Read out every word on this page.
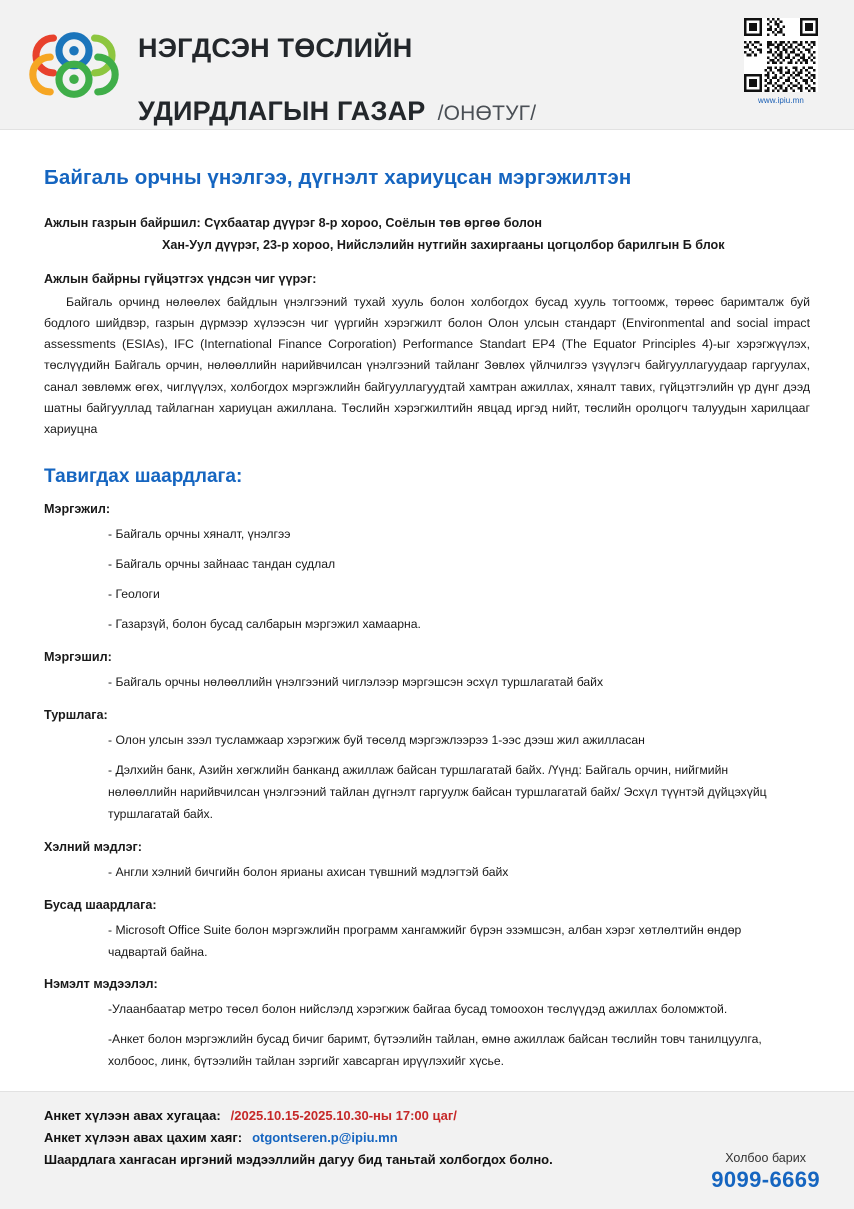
НЭГДСЭН ТӨСЛИЙН

УДИРДЛАГЫН ГАЗАР /ОНӨТУГ/

www.ipiu.mn
Байгаль орчны үнэлгээ, дүгнэлт хариуцсан мэргэжилтэн
Ажлын газрын байршил: Сүхбаатар дүүрэг 8-р хороо, Соёлын төв өргөө болон
Хан-Уул дүүрэг, 23-р хороо, Нийслэлийн нутгийн захиргааны цогцолбор барилгын Б блок
Ажлын байрны гүйцэтгэх үндсэн чиг үүрэг:

Байгаль орчинд нөлөөлөх байдлын үнэлгээний тухай хууль болон холбогдох бусад хууль тогтоомж, төрөөс баримталж буй бодлого шийдвэр, газрын дүрмээр хүлээсэн чиг үүргийн хэрэгжилт болон Олон улсын стандарт (Environmental and social impact assessments (ESIAs), IFC (International Finance Corporation) Performance Standart EP4 (The Equator Principles 4)-ыг хэрэгжүүлэх, төслүүдийн Байгаль орчин, нөлөөллийн нарийвчилсан үнэлгээний тайланг Зөвлөх үйлчилгээ үзүүлэгч байгууллагуудаар гаргуулах, санал зөвлөмж өгөх, чиглүүлэх, холбогдох мэргэжлийн байгууллагуудтай хамтран ажиллах, хяналт тавих, гүйцэтгэлийн үр дүнг дээд шатны байгууллад тайлагнан хариуцан ажиллана. Төслийн хэрэгжилтийн явцад иргэд нийт, төслийн оролцогч талуудын харилцааг хариуцна

Тавигдах шаардлага:
Мэргэжил:
- Байгаль орчны хяналт, үнэлгээ
- Байгаль орчны зайнаас тандан судлал
- Геологи
- Газарзүй, болон бусад салбарын мэргэжил хамаарна.
Мэргэшил:
- Байгаль орчны нөлөөллийн үнэлгээний чиглэлээр мэргэшсэн эсхүл туршлагатай байх
Туршлага:
- Олон улсын зээл тусламжаар хэрэгжиж буй төсөлд мэргэжлээрээ 1-ээс дээш жил ажилласан
- Дэлхийн банк, Азийн хөгжлийн банканд ажиллаж байсан туршлагатай байх. /Үүнд: Байгаль орчин, нийгмийн нөлөөллийн нарийвчилсан үнэлгээний тайлан дүгнэлт гаргуулж байсан туршлагатай байх/ Эсхүл түүнтэй дүйцэхүйц туршлагатай байх.
Хэлний мэдлэг:
- Англи хэлний бичгийн болон ярианы ахисан түвшний мэдлэгтэй байх
Бусад шаардлага:
- Microsoft Office Suite болон мэргэжлийн программ хангамжийг бүрэн эзэмшсэн, албан хэрэг хөтлөлтийн өндөр чадвартай байна.
Нэмэлт мэдээлэл:
-Улаанбаатар метро төсөл болон нийслэлд хэрэгжиж байгаа бусад томоохон төслүүдэд ажиллах боломжтой.
-Анкет болон мэргэжлийн бусад бичиг баримт, бүтээлийн тайлан, өмнө ажиллаж байсан төслийн товч танилцуулга, холбоос, линк, бүтээлийн тайлан зэргийг хавсарган ирүүлэхийг хүсье.
Анкет хүлээн авах хугацаа: /2025.10.15-2025.10.30-ны 17:00 цаг/
Анкет хүлээн авах цахим хаяг: otgontseren.p@ipiu.mn
Шаардлага хангасан иргэний мэдээллийн дагуу бид таньтай холбогдох болно.	Холбоо барих
9099-6669
